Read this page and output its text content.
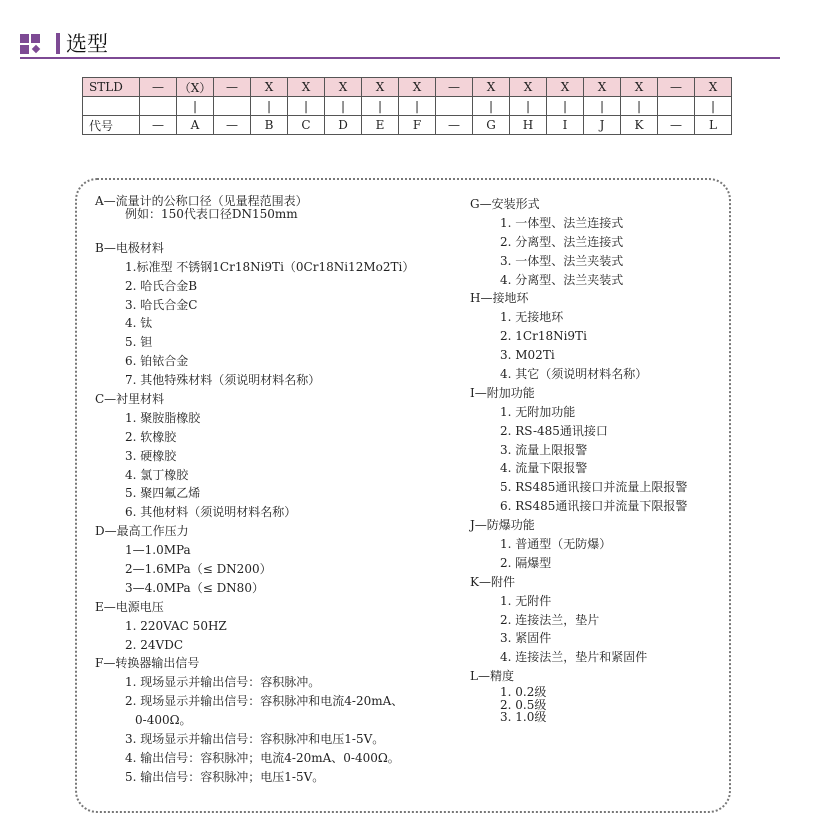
选型
STLD	—	（X）	—	X	X	X	X	X	—	X	X	X	X	X	—	X
		|		|	|	|	|	|		|	|	|	|	|		|
代号	—	A	—	B	C	D	E	F	—	G	H	I	J	K	—	L
A—流量计的公称口径（见量程范围表）
例如：150代表口径DN150mm
B—电极材料
1.标准型 不锈钢1Cr18Ni9Ti（0Cr18Ni12Mo2Ti）
2. 哈氏合金B
3. 哈氏合金C
4. 钛
5. 钽
6. 铂铱合金
7. 其他特殊材料（须说明材料名称）
C—衬里材料
1. 聚胺脂橡胶
2. 软橡胶
3. 硬橡胶
4. 氯丁橡胶
5. 聚四氟乙烯
6. 其他材料（须说明材料名称）
D—最高工作压力
1—1.0MPa
2—1.6MPa（≤ DN200）
3—4.0MPa（≤ DN80）
E—电源电压
1. 220VAC 50HZ
2. 24VDC
F—转换器输出信号
1. 现场显示并输出信号：容积脉冲。
2. 现场显示并输出信号：容积脉冲和电流4-20mA、
0-400Ω。
3. 现场显示并输出信号：容积脉冲和电压1-5V。
4. 输出信号：容积脉冲；电流4-20mA、0-400Ω。
5. 输出信号：容积脉冲；电压1-5V。
G—安装形式
1. 一体型、法兰连接式
2. 分离型、法兰连接式
3. 一体型、法兰夹装式
4. 分离型、法兰夹装式
H—接地环
1. 无接地环
2. 1Cr18Ni9Ti
3. M02Ti
4. 其它（须说明材料名称）
I—附加功能
1. 无附加功能
2. RS-485通讯接口
3. 流量上限报警
4. 流量下限报警
5. RS485通讯接口并流量上限报警
6. RS485通讯接口并流量下限报警
J—防爆功能
1. 普通型（无防爆）
2. 隔爆型
K—附件
1. 无附件
2. 连接法兰，垫片
3. 紧固件
4. 连接法兰，垫片和紧固件
L—精度
1. 0.2级
2. 0.5级
3. 1.0级
